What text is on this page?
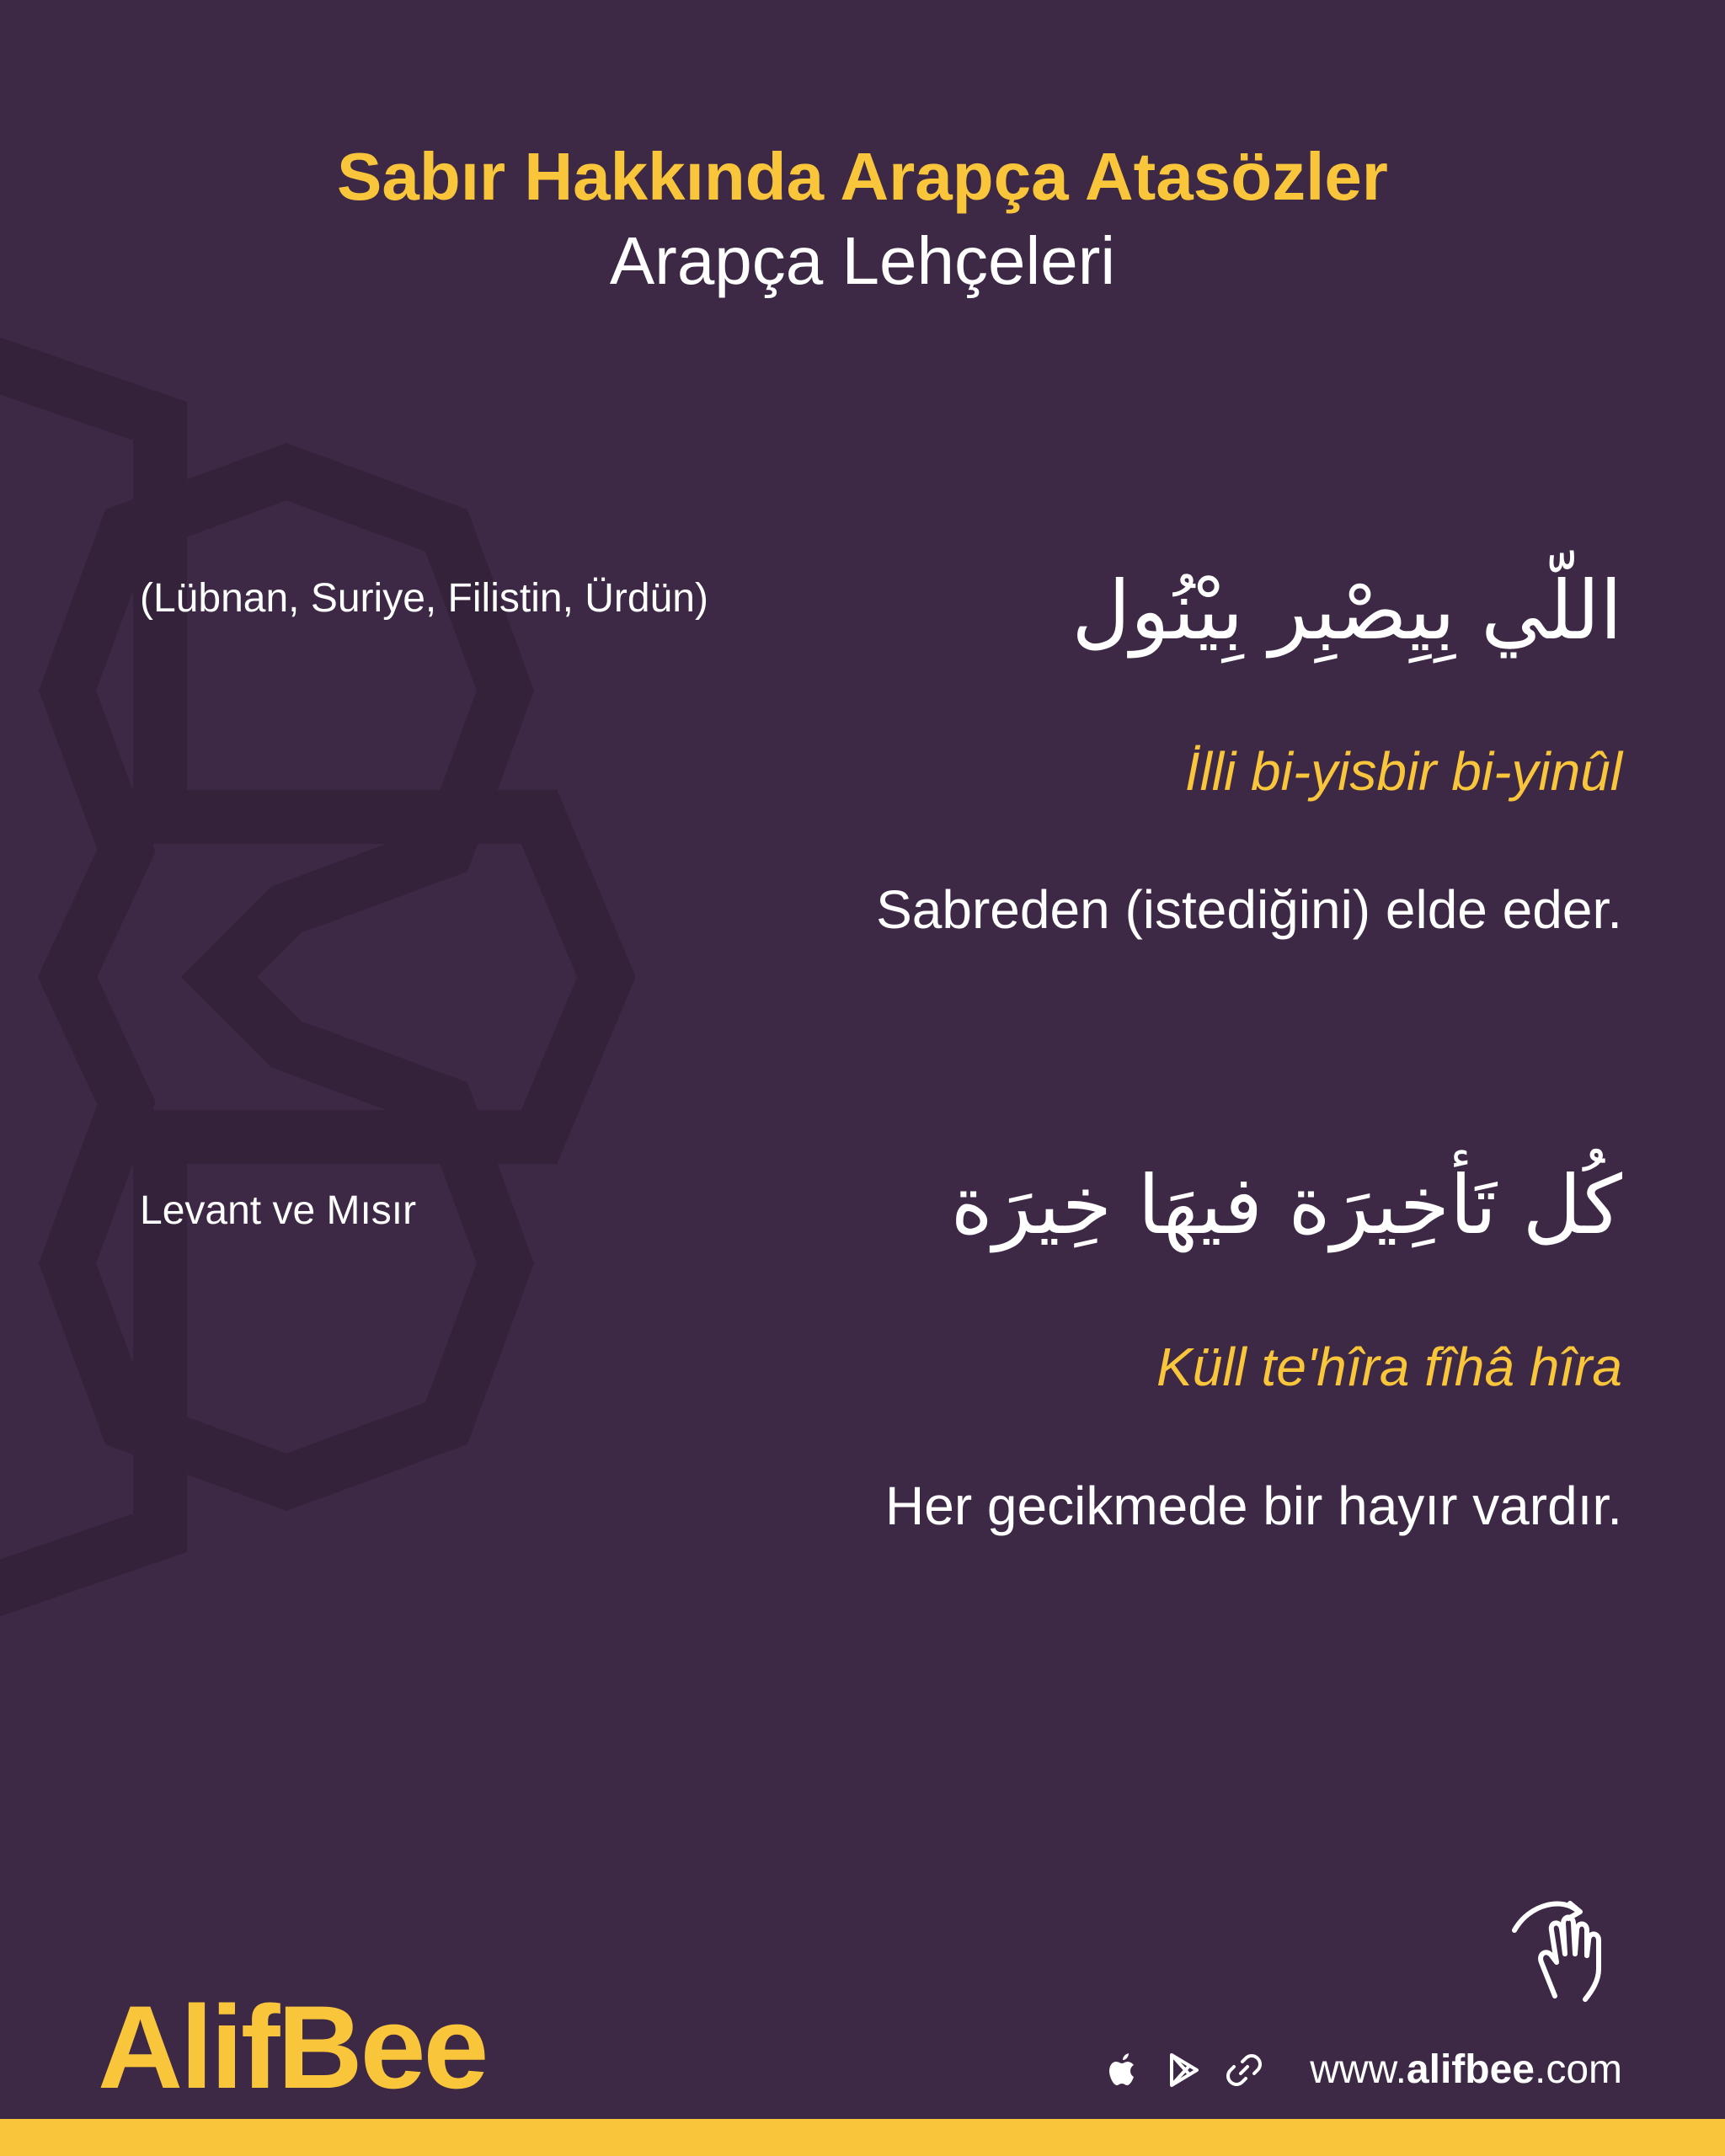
Sabır Hakkında Arapça Atasözler

Arapça Lehçeleri

(Lübnan, Suriye, Filistin, Ürdün)	اللّي بِيِصْبِر بِيْنُول
İlli bi-yisbir bi-yinûl
Sabreden (istediğini) elde eder.
Levant ve Mısır	كُل تَأخِيرَة فيهَا خِيرَة
Küll te'hîra fîhâ hîra
Her gecikmede bir hayır vardır.
AlifBee	www.alifbee.com
